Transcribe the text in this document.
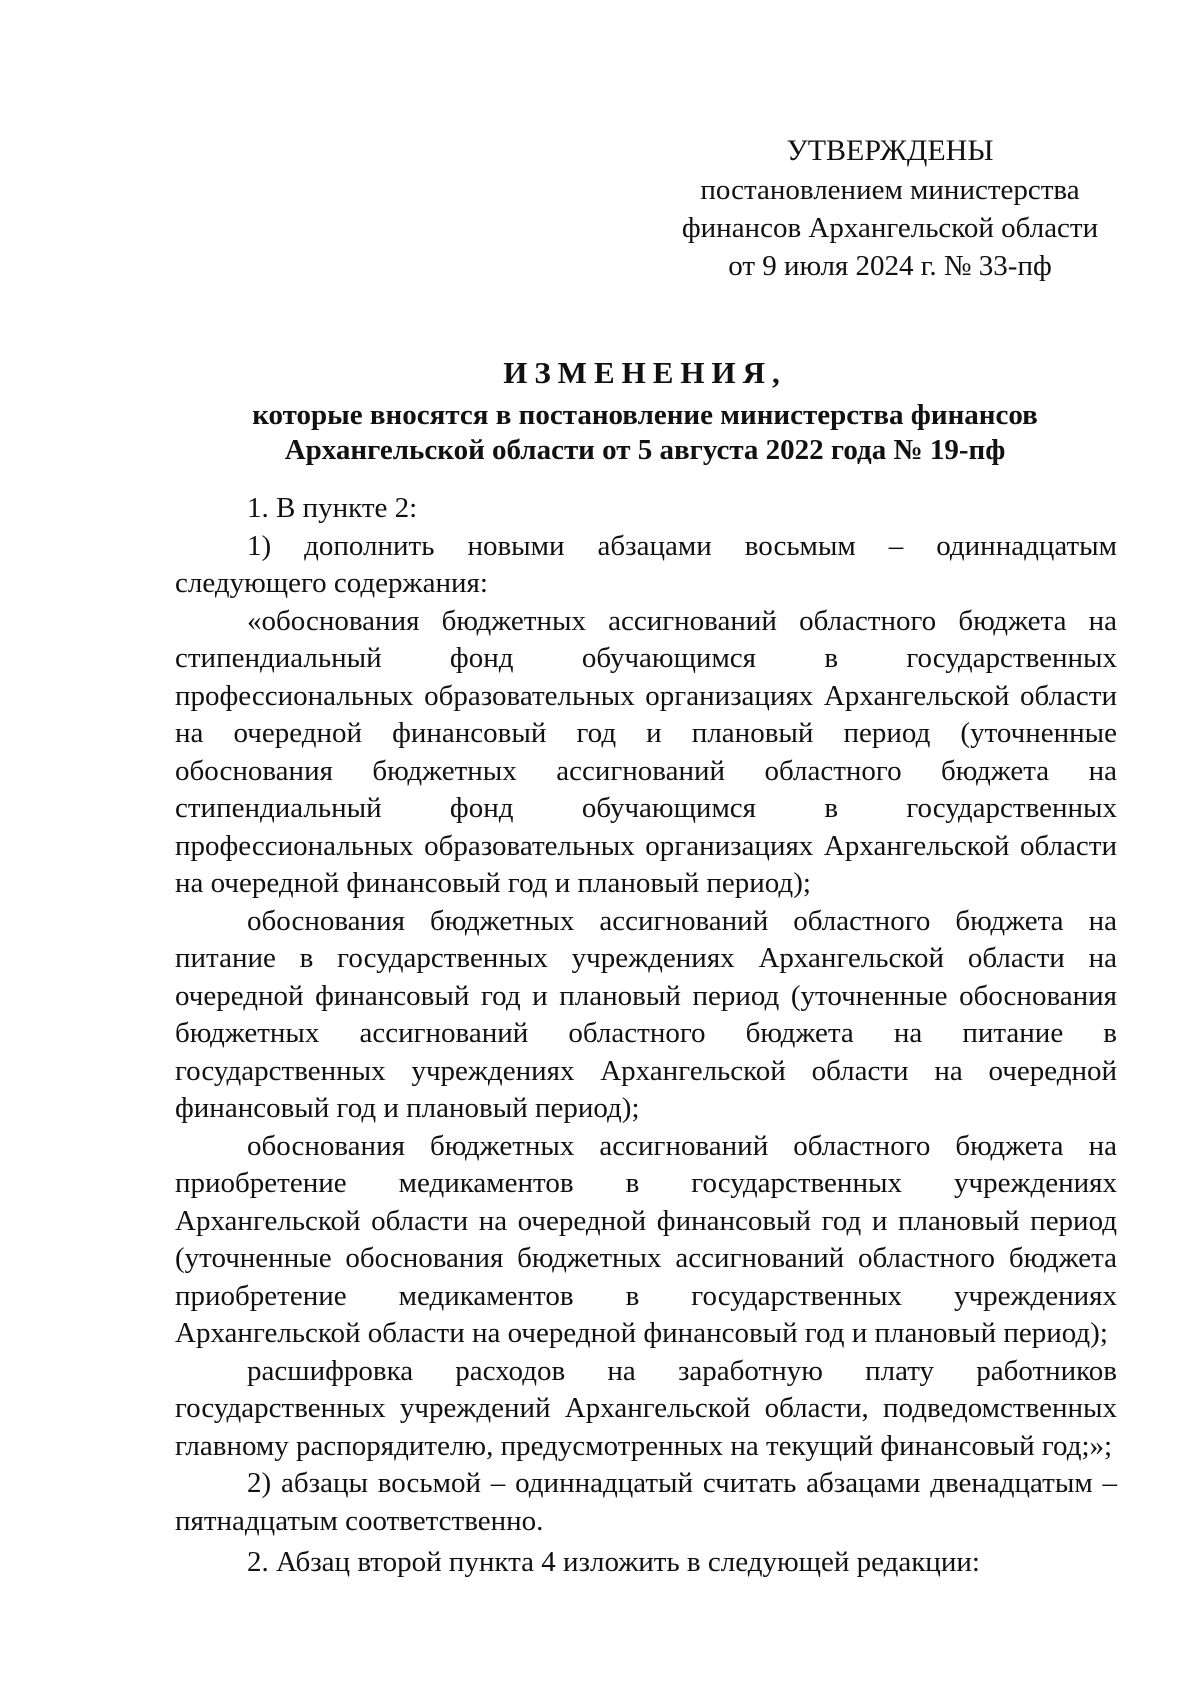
УТВЕРЖДЕНЫ
постановлением министерства
финансов Архангельской области
от 9 июля 2024 г. № 33-пф
ИЗМЕНЕНИЯ,
которые вносятся в постановление министерства финансов
Архангельской области от 5 августа 2022 года № 19-пф

1. В пункте 2:

1) дополнить новыми абзацами восьмым – одиннадцатым следующего содержания:

«обоснования бюджетных ассигнований областного бюджета на стипендиальный фонд обучающимся в государственных профессиональных образовательных организациях Архангельской области на очередной финансовый год и плановый период (уточненные обоснования бюджетных ассигнований областного бюджета на стипендиальный фонд обучающимся в государственных профессиональных образовательных организациях Архангельской области на очередной финансовый год и плановый период);

обоснования бюджетных ассигнований областного бюджета на питание в государственных учреждениях Архангельской области на очередной финансовый год и плановый период (уточненные обоснования бюджетных ассигнований областного бюджета на питание в государственных учреждениях Архангельской области на очередной финансовый год и плановый период);

обоснования бюджетных ассигнований областного бюджета на приобретение медикаментов в государственных учреждениях Архангельской области на очередной финансовый год и плановый период (уточненные обоснования бюджетных ассигнований областного бюджета приобретение медикаментов в государственных учреждениях Архангельской области на очередной финансовый год и плановый период);

расшифровка расходов на заработную плату работников государственных учреждений Архангельской области, подведомственных главному распорядителю, предусмотренных на текущий финансовый год;»;

2) абзацы восьмой – одиннадцатый считать абзацами двенадцатым – пятнадцатым соответственно.

2. Абзац второй пункта 4 изложить в следующей редакции:
